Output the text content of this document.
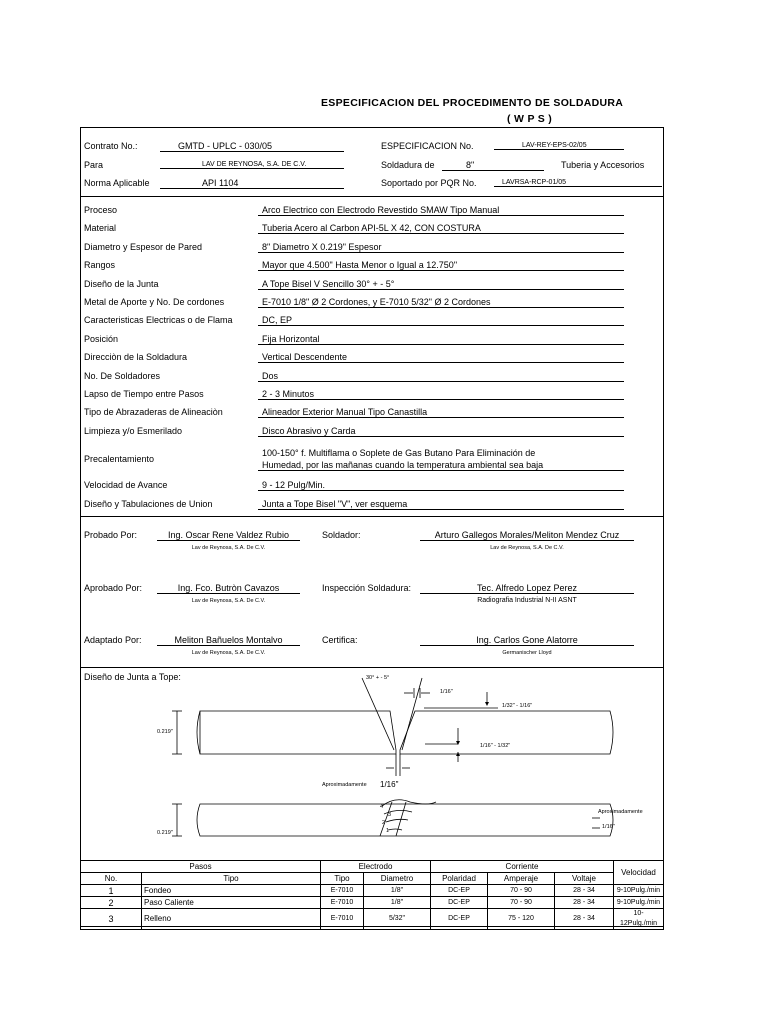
ESPECIFICACION DEL PROCEDIMENTO DE SOLDADURA
( W P S )
Contrato No.:	GMTD - UPLC - 030/05
Para	LAV DE REYNOSA, S.A. DE C.V.
Norma Aplicable	API 1104
ESPECIFICACION No.	LAV-REY-EPS-02/05
Soldadura de	8"	Tuberia y Accesorios
Soportado por PQR No.	LAVRSA-RCP-01/05
Proceso	Arco Electrico con Electrodo Revestido SMAW Tipo Manual
Material	Tuberia Acero al Carbon API-5L X 42, CON COSTURA
Diametro y Espesor de Pared	8" Diametro X 0.219" Espesor
Rangos	Mayor que 4.500" Hasta Menor o Igual a 12.750"
Diseño de la Junta	A Tope Bisel V Sencillo 30° + - 5°
Metal de Aporte y No. De cordones	E-7010 1/8" Ø 2 Cordones, y E-7010 5/32" Ø 2 Cordones
Caracteristicas Electricas o de Flama	DC, EP
Posición	Fija Horizontal
Direcciòn de la Soldadura	Vertical Descendente
No. De Soldadores	Dos
Lapso de Tiempo entre Pasos	2 - 3 Minutos
Tipo de Abrazaderas de Alineaciòn	Alineador Exterior Manual Tipo Canastilla
Limpieza y/o Esmerilado	Disco Abrasivo y Carda
Precalentamiento
100-150° f. Multiflama o Soplete de Gas Butano Para Eliminación de
Humedad, por las mañanas cuando la temperatura ambiental sea baja
Velocidad de Avance	9 - 12 Pulg/Min.
Diseño y Tabulaciones de Union	Junta a Tope Bisel "V", ver esquema
Probado Por:	Ing. Oscar Rene Valdez Rubio
Lav de Reynosa, S.A. De C.V.
Soldador:	Arturo Gallegos Morales/Meliton Mendez Cruz
Lav de Reynosa, S.A. De C.V.
Aprobado Por:	Ing. Fco. Butròn Cavazos
Lav de Reynosa, S.A. De C.V.
Inspección Soldadura:	Tec. Alfredo Lopez Perez
Radiografia Industrial N-II ASNT
Adaptado Por:	Meliton Bañuelos Montalvo
Lav de Reynosa, S.A. De C.V.
Certifica:	Ing. Carlos Gone Alatorre
Germanischer Lloyd
Diseño de Junta a Tope:	30° + - 5°
1/16"
1/32" - 1/16"
0.219"
1/16" - 1/32"
Aproximadamente 1/16"
0.219"
Aproximadamente
1/16"
4
3
2
1
Pasos		Electrodo		Corriente			Velocidad
No.	Tipo	Tipo	Diametro	Polaridad	Amperaje	Voltaje	
1	Fondeo	E-7010	1/8"	DC-EP	70 - 90	28 - 34	9-10Pulg./min
2	Paso Caliente	E-7010	1/8"	DC-EP	70 - 90	28 - 34	9-10Pulg./min
3	Relleno	E-7010	5/32"	DC-EP	75 - 120	28 - 34	10-12Pulg./min
